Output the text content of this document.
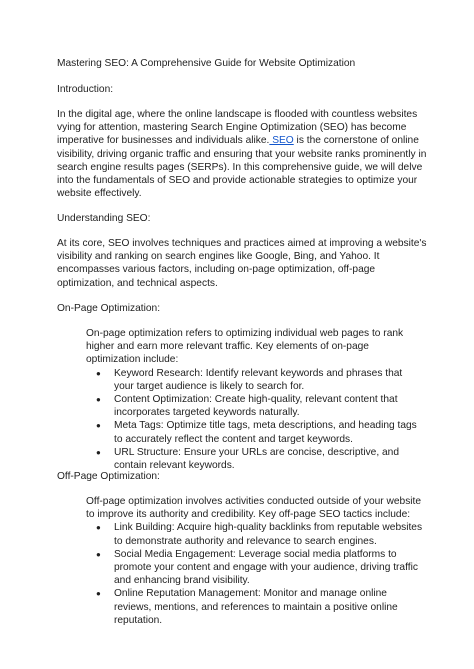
Mastering SEO: A Comprehensive Guide for Website Optimization

Introduction:

In the digital age, where the online landscape is flooded with countless websites vying for attention, mastering Search Engine Optimization (SEO) has become imperative for businesses and individuals alike. SEO is the cornerstone of online visibility, driving organic traffic and ensuring that your website ranks prominently in search engine results pages (SERPs). In this comprehensive guide, we will delve into the fundamentals of SEO and provide actionable strategies to optimize your website effectively.

Understanding SEO:

At its core, SEO involves techniques and practices aimed at improving a website's visibility and ranking on search engines like Google, Bing, and Yahoo. It encompasses various factors, including on-page optimization, off-page optimization, and technical aspects.

On-Page Optimization:

On-page optimization refers to optimizing individual web pages to rank higher and earn more relevant traffic. Key elements of on-page optimization include:

● Keyword Research: Identify relevant keywords and phrases that your target audience is likely to search for.
● Content Optimization: Create high-quality, relevant content that incorporates targeted keywords naturally.
● Meta Tags: Optimize title tags, meta descriptions, and heading tags to accurately reflect the content and target keywords.
● URL Structure: Ensure your URLs are concise, descriptive, and contain relevant keywords.

Off-Page Optimization:

Off-page optimization involves activities conducted outside of your website to improve its authority and credibility. Key off-page SEO tactics include:

● Link Building: Acquire high-quality backlinks from reputable websites to demonstrate authority and relevance to search engines.
● Social Media Engagement: Leverage social media platforms to promote your content and engage with your audience, driving traffic and enhancing brand visibility.
● Online Reputation Management: Monitor and manage online reviews, mentions, and references to maintain a positive online reputation.
